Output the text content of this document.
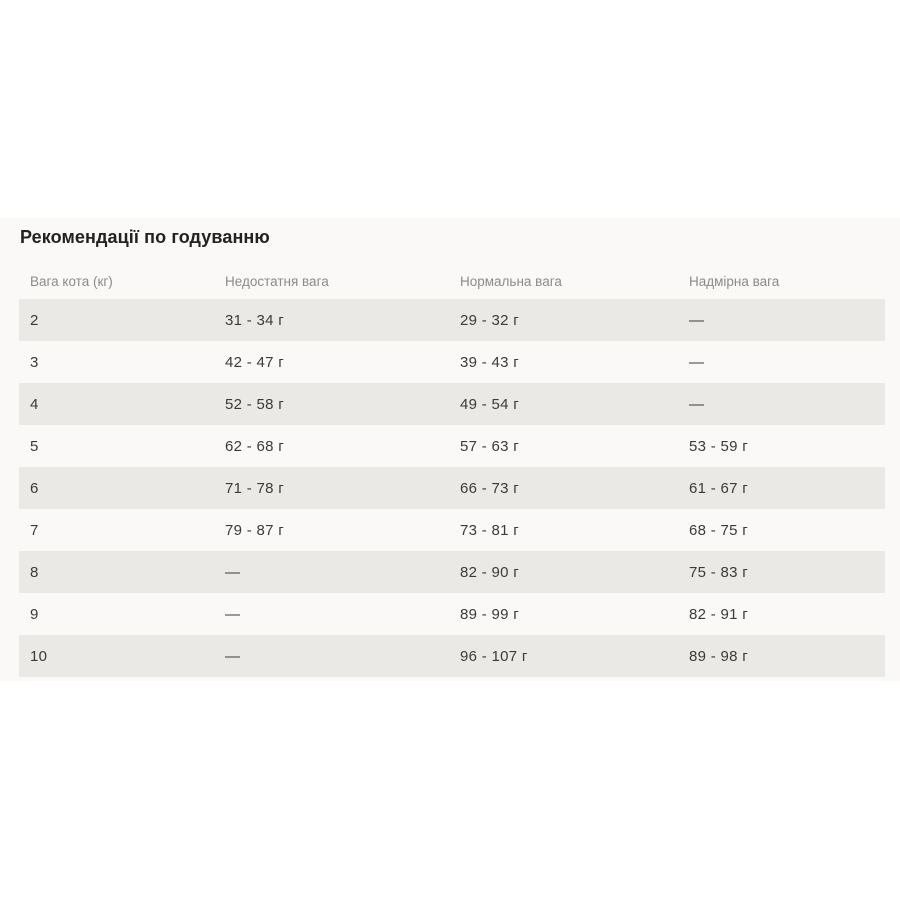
Рекомендації по годуванню
Вага кота (кг)	Недостатня вага	Нормальна вага	Надмірна вага
2	31 - 34 г	29 - 32 г	—
3	42 - 47 г	39 - 43 г	—
4	52 - 58 г	49 - 54 г	—
5	62 - 68 г	57 - 63 г	53 - 59 г
6	71 - 78 г	66 - 73 г	61 - 67 г
7	79 - 87 г	73 - 81 г	68 - 75 г
8	—	82 - 90 г	75 - 83 г
9	—	89 - 99 г	82 - 91 г
10	—	96 - 107 г	89 - 98 г
